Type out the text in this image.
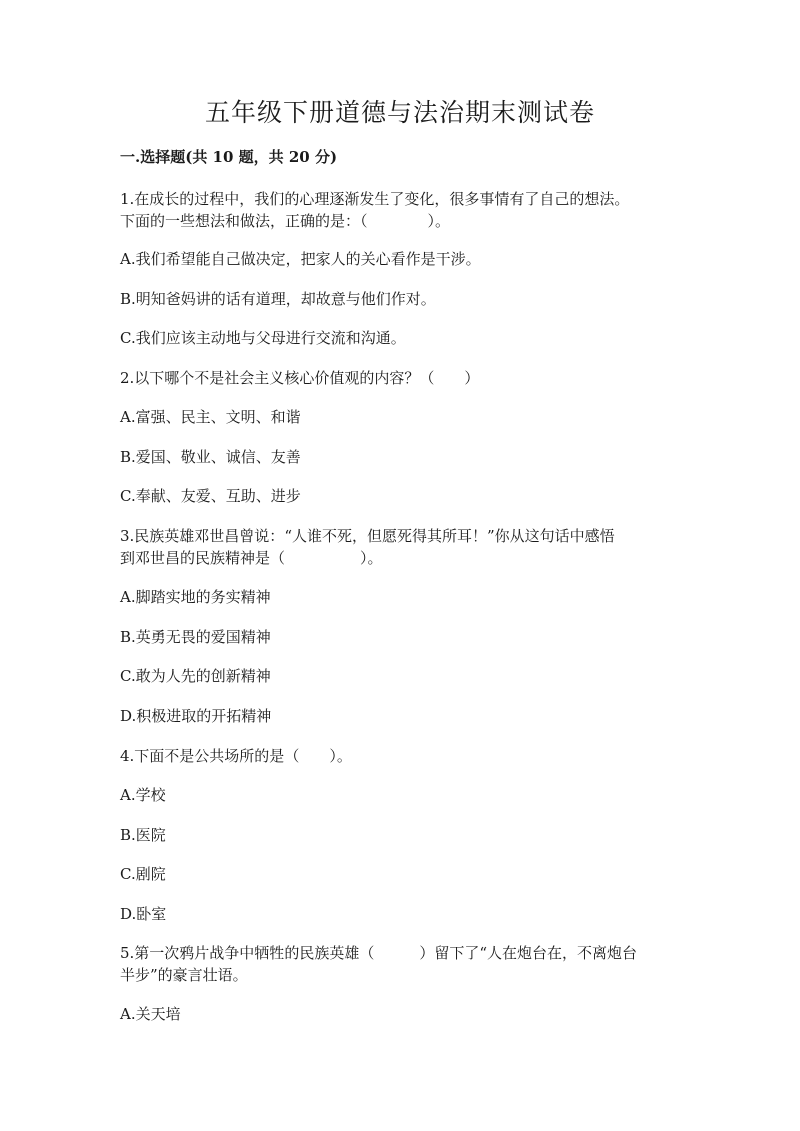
五年级下册道德与法治期末测试卷

一.选择题(共 10 题，共 20 分)

1.在成长的过程中，我们的心理逐渐发生了变化，很多事情有了自己的想法。

下面的一些想法和做法，正确的是：（　　　　）。

A.我们希望能自己做决定，把家人的关心看作是干涉。

B.明知爸妈讲的话有道理，却故意与他们作对。

C.我们应该主动地与父母进行交流和沟通。

2.以下哪个不是社会主义核心价值观的内容？（　　）

A.富强、民主、文明、和谐

B.爱国、敬业、诚信、友善

C.奉献、友爱、互助、进步

3.民族英雄邓世昌曾说：“人谁不死，但愿死得其所耳！”你从这句话中感悟

到邓世昌的民族精神是（　　　　　）。

A.脚踏实地的务实精神

B.英勇无畏的爱国精神

C.敢为人先的创新精神

D.积极进取的开拓精神

4.下面不是公共场所的是（　　）。

A.学校

B.医院

C.剧院

D.卧室

5.第一次鸦片战争中牺牲的民族英雄（　　　）留下了“人在炮台在，不离炮台

半步”的豪言壮语。

A.关天培
